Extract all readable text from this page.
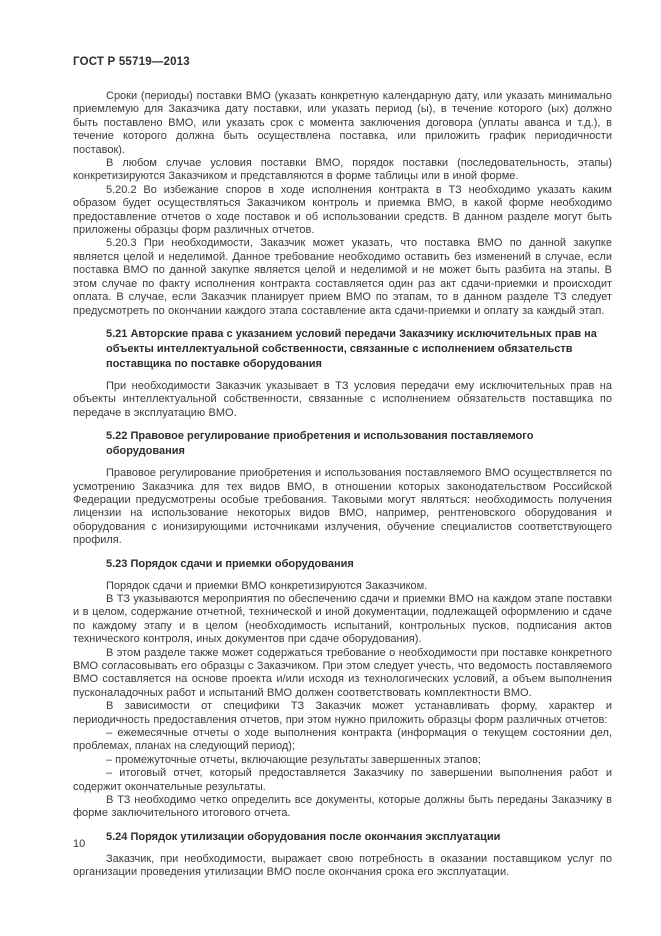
ГОСТ Р 55719—2013

Сроки (периоды) поставки ВМО (указать конкретную календарную дату, или указать минимально приемлемую для Заказчика дату поставки, или указать период (ы), в течение которого (ых) должно быть поставлено ВМО, или указать срок с момента заключения договора (уплаты аванса и т.д.), в течение которого должна быть осуществлена поставка, или приложить график периодичности поставок).

В любом случае условия поставки ВМО, порядок поставки (последовательность, этапы) конкретизируются Заказчиком и представляются в форме таблицы или в иной форме.

5.20.2 Во избежание споров в ходе исполнения контракта в ТЗ необходимо указать каким образом будет осуществляться Заказчиком контроль и приемка ВМО, в какой форме необходимо предоставление отчетов о ходе поставок и об использовании средств. В данном разделе могут быть приложены образцы форм различных отчетов.

5.20.3 При необходимости, Заказчик может указать, что поставка ВМО по данной закупке является целой и неделимой. Данное требование необходимо оставить без изменений в случае, если поставка ВМО по данной закупке является целой и неделимой и не может быть разбита на этапы. В этом случае по факту исполнения контракта составляется один раз акт сдачи-приемки и происходит оплата. В случае, если Заказчик планирует прием ВМО по этапам, то в данном разделе ТЗ следует предусмотреть по окончании каждого этапа составление акта сдачи-приемки и оплату за каждый этап.

5.21 Авторские права с указанием условий передачи Заказчику исключительных прав на объекты интеллектуальной собственности, связанные с исполнением обязательств поставщика по поставке оборудования

При необходимости Заказчик указывает в ТЗ условия передачи ему исключительных прав на объекты интеллектуальной собственности, связанные с исполнением обязательств поставщика по передаче в эксплуатацию ВМО.

5.22 Правовое регулирование приобретения и использования поставляемого оборудования

Правовое регулирование приобретения и использования поставляемого ВМО осуществляется по усмотрению Заказчика для тех видов ВМО, в отношении которых законодательством Российской Федерации предусмотрены особые требования. Таковыми могут являться: необходимость получения лицензии на использование некоторых видов ВМО, например, рентгеновского оборудования и оборудования с ионизирующими источниками излучения, обучение специалистов соответствующего профиля.

5.23 Порядок сдачи и приемки оборудования

Порядок сдачи и приемки ВМО конкретизируются Заказчиком.

В ТЗ указываются мероприятия по обеспечению сдачи и приемки ВМО на каждом этапе поставки и в целом, содержание отчетной, технической и иной документации, подлежащей оформлению и сдаче по каждому этапу и в целом (необходимость испытаний, контрольных пусков, подписания актов технического контроля, иных документов при сдаче оборудования).

В этом разделе также может содержаться требование о необходимости при поставке конкретного ВМО согласовывать его образцы с Заказчиком. При этом следует учесть, что ведомость поставляемого ВМО составляется на основе проекта и/или исходя из технологических условий, а объем выполнения пусконаладочных работ и испытаний ВМО должен соответствовать комплектности ВМО.

В зависимости от специфики ТЗ Заказчик может устанавливать форму, характер и периодичность предоставления отчетов, при этом нужно приложить образцы форм различных отчетов:

– ежемесячные отчеты о ходе выполнения контракта (информация о текущем состоянии дел, проблемах, планах на следующий период);

– промежуточные отчеты, включающие результаты завершенных этапов;

– итоговый отчет, который предоставляется Заказчику по завершении выполнения работ и содержит окончательные результаты.

В ТЗ необходимо четко определить все документы, которые должны быть переданы Заказчику в форме заключительного итогового отчета.

5.24 Порядок утилизации оборудования после окончания эксплуатации

Заказчик, при необходимости, выражает свою потребность в оказании поставщиком услуг по организации проведения утилизации ВМО после окончания срока его эксплуатации.

10
